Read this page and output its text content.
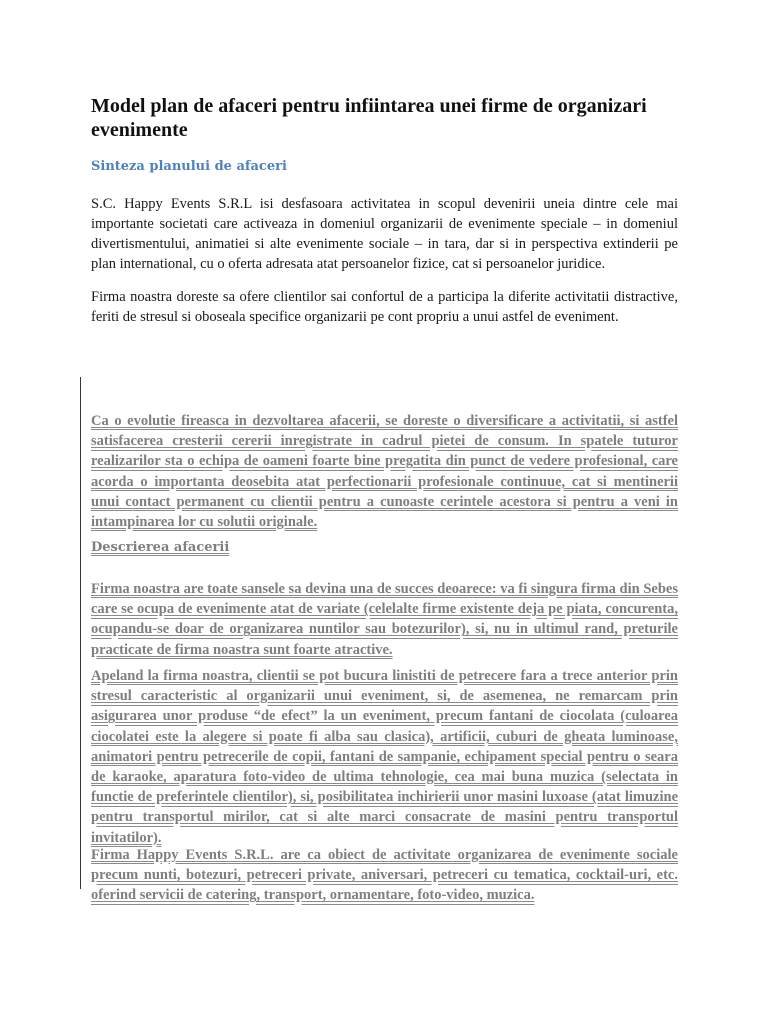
Model plan de afaceri pentru infiintarea unei firme de organizari evenimente
Sinteza planului de afaceri

S.C. Happy Events S.R.L isi desfasoara activitatea in scopul devenirii uneia dintre cele mai importante societati care activeaza in domeniul organizarii de evenimente speciale – in domeniul divertismentului, animatiei si alte evenimente sociale – in tara, dar si in perspectiva extinderii pe plan international, cu o oferta adresata atat persoanelor fizice, cat si persoanelor juridice.

Firma noastra doreste sa ofere clientilor sai confortul de a participa la diferite activitatii distractive, feriti de stresul si oboseala specifice organizarii pe cont propriu a unui astfel de eveniment.

Ca o evolutie fireasca in dezvoltarea afacerii, se doreste o diversificare a activitatii, si astfel satisfacerea cresterii cererii inregistrate in cadrul pietei de consum. In spatele tuturor realizarilor sta o echipa de oameni foarte bine pregatita din punct de vedere profesional, care acorda o importanta deosebita atat perfectionarii profesionale continuue, cat si mentinerii unui contact permanent cu clientii pentru a cunoaste cerintele acestora si pentru a veni in intampinarea lor cu solutii originale.

Descrierea afacerii

Firma noastra are toate sansele sa devina una de succes deoarece: va fi singura firma din Sebes care se ocupa de evenimente atat de variate (celelalte firme existente deja pe piata, concurenta, ocupandu-se doar de organizarea nuntilor sau botezurilor), si, nu in ultimul rand, preturile practicate de firma noastra sunt foarte atractive.

Apeland la firma noastra, clientii se pot bucura linistiti de petrecere fara a trece anterior prin stresul caracteristic al organizarii unui eveniment, si, de asemenea, ne remarcam prin asigurarea unor produse “de efect” la un eveniment, precum fantani de ciocolata (culoarea ciocolatei este la alegere si poate fi alba sau clasica), artificii, cuburi de gheata luminoase, animatori pentru petrecerile de copii, fantani de sampanie, echipament special pentru o seara de karaoke, aparatura foto-video de ultima tehnologie, cea mai buna muzica (selectata in functie de preferintele clientilor), si, posibilitatea inchirierii unor masini luxoase (atat limuzine pentru transportul mirilor, cat si alte marci consacrate de masini pentru transportul invitatilor).

Firma Happy Events S.R.L. are ca obiect de activitate organizarea de evenimente sociale precum nunti, botezuri, petreceri private, aniversari, petreceri cu tematica, cocktail-uri, etc. oferind servicii de catering, transport, ornamentare, foto-video, muzica.
